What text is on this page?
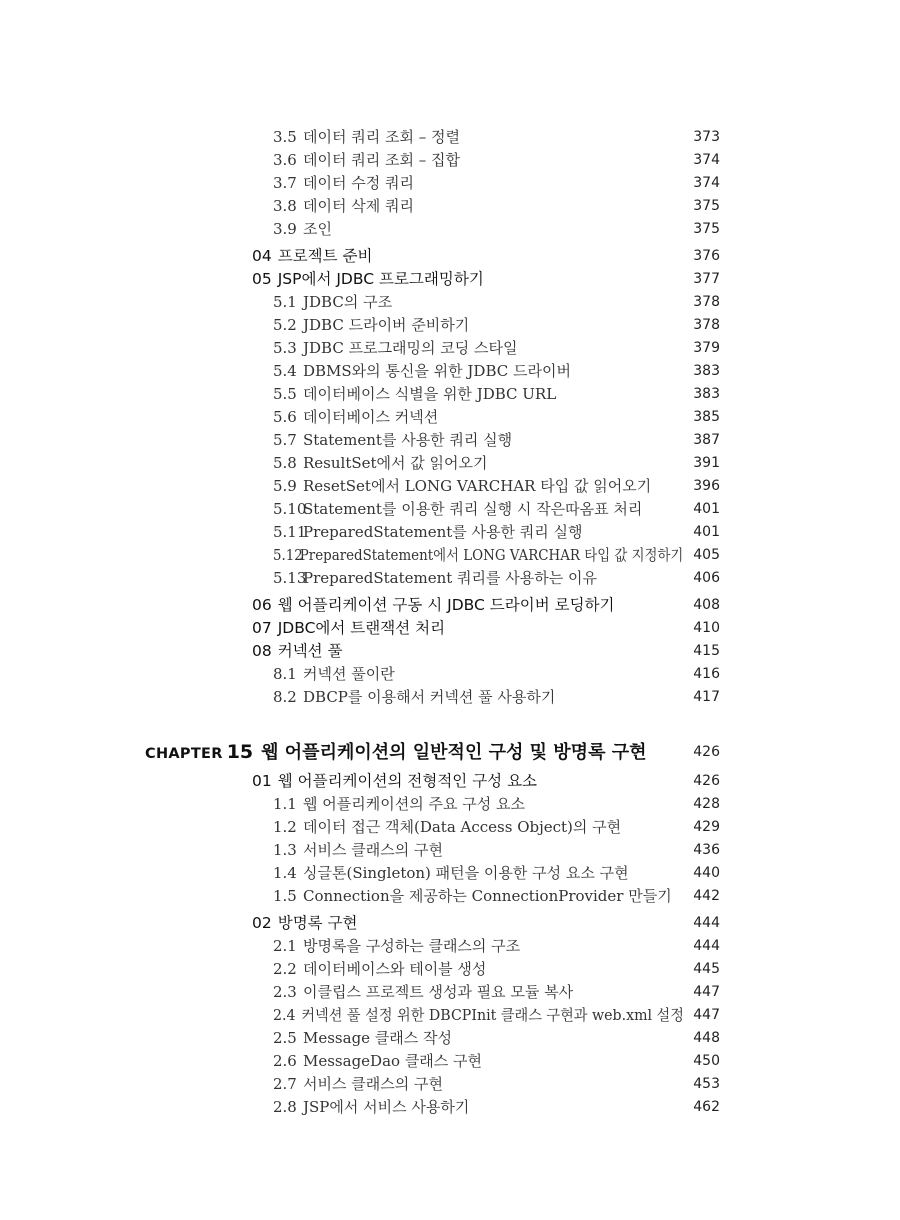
3.5 데이터 쿼리 조회 – 정렬	373
3.6 데이터 쿼리 조회 – 집합	374
3.7 데이터 수정 쿼리	374
3.8 데이터 삭제 쿼리	375
3.9 조인	375
04 프로젝트 준비	376
05 JSP에서 JDBC 프로그래밍하기	377
5.1 JDBC의 구조	378
5.2 JDBC 드라이버 준비하기	378
5.3 JDBC 프로그래밍의 코딩 스타일	379
5.4 DBMS와의 통신을 위한 JDBC 드라이버	383
5.5 데이터베이스 식별을 위한 JDBC URL	383
5.6 데이터베이스 커넥션	385
5.7 Statement를 사용한 쿼리 실행	387
5.8 ResultSet에서 값 읽어오기	391
5.9 ResetSet에서 LONG VARCHAR 타입 값 읽어오기	396
5.10Statement를 이용한 쿼리 실행 시 작은따옴표 처리	401
5.11PreparedStatement를 사용한 쿼리 실행	401
5.12PreparedStatement에서 LONG VARCHAR 타입 값 지정하기 405
5.13PreparedStatement 쿼리를 사용하는 이유	406
06 웹 어플리케이션 구동 시 JDBC 드라이버 로딩하기	408
07 JDBC에서 트랜잭션 처리	410
08 커넥션 풀	415
8.1 커넥션 풀이란	416
8.2 DBCP를 이용해서 커넥션 풀 사용하기	417
CHAPTER 15 웹 어플리케이션의 일반적인 구성 및 방명록 구현	426
01 웹 어플리케이션의 전형적인 구성 요소	426
1.1 웹 어플리케이션의 주요 구성 요소	428
1.2 데이터 접근 객체(Data Access Object)의 구현	429
1.3 서비스 클래스의 구현	436
1.4 싱글톤(Singleton) 패턴을 이용한 구성 요소 구현	440
1.5 Connection을 제공하는 ConnectionProvider 만들기 442
02 방명록 구현	444
2.1 방명록을 구성하는 클래스의 구조	444
2.2 데이터베이스와 테이블 생성	445
2.3 이클립스 프로젝트 생성과 필요 모듈 복사	447
2.4 커넥션 풀 설정 위한 DBCPInit 클래스 구현과 web.xml 설정 447
2.5 Message 클래스 작성	448
2.6 MessageDao 클래스 구현	450
2.7 서비스 클래스의 구현	453
2.8 JSP에서 서비스 사용하기	462
